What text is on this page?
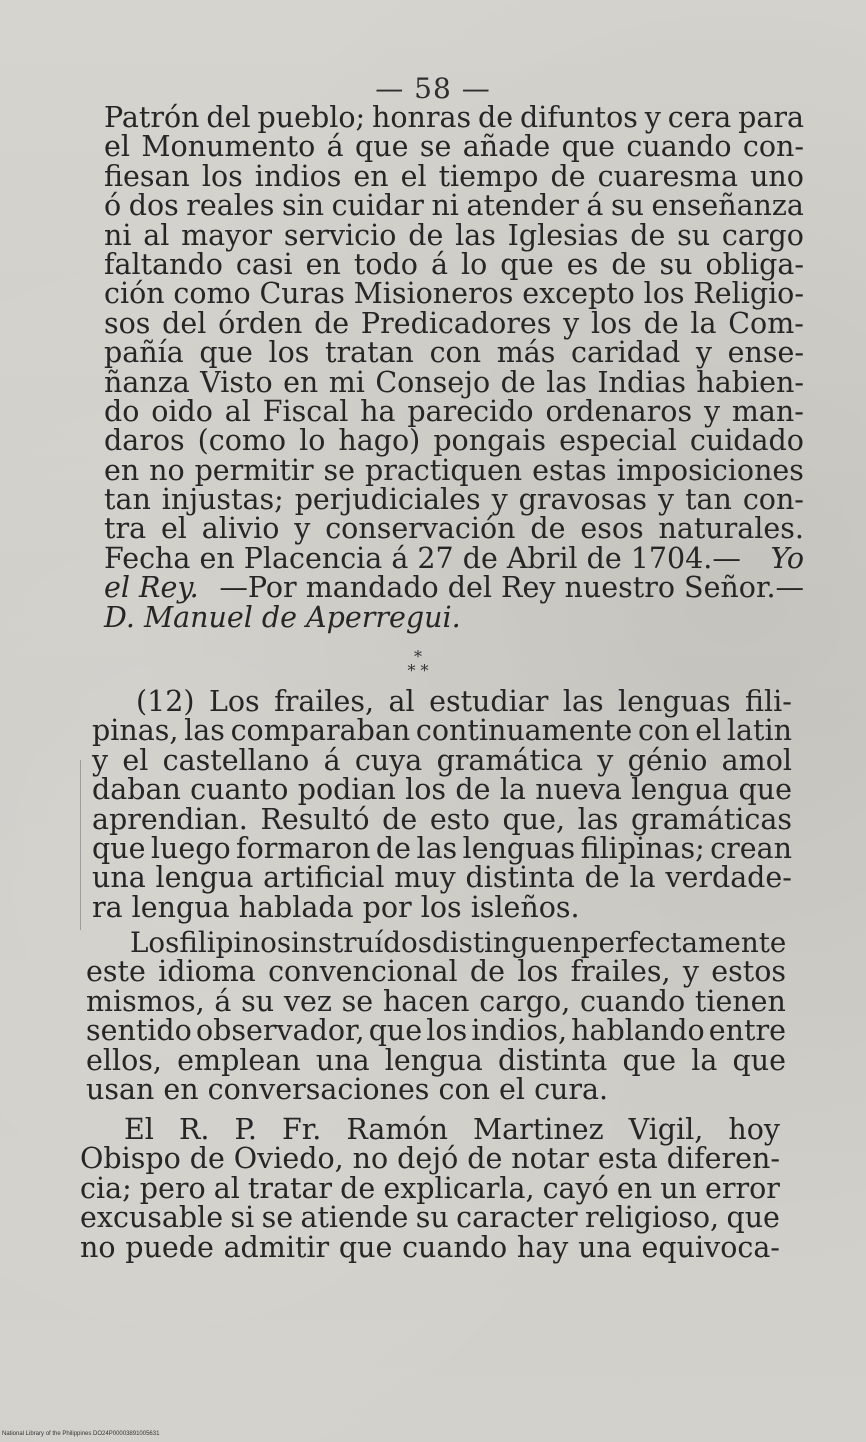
— 58 —
Patrón del pueblo; honras de difuntos y cera para
el Monumento á que se añade que cuando con-
fiesan los indios en el tiempo de cuaresma uno
ó dos reales sin cuidar ni atender á su enseñanza
ni al mayor servicio de las Iglesias de su cargo
faltando casi en todo á lo que es de su obliga-
ción como Curas Misioneros excepto los Religio-
sos del órden de Predicadores y los de la Com-
pañía que los tratan con más caridad y ense-
ñanza Visto en mi Consejo de las Indias habien-
do oido al Fiscal ha parecido ordenaros y man-
daros (como lo hago) pongais especial cuidado
en no permitir se practiquen estas imposiciones
tan injustas; perjudiciales y gravosas y tan con-
tra el alivio y conservación de esos naturales.
Fecha en Placencia á 27 de Abril de 1704.— Yo
el Rey. —Por mandado del Rey nuestro Señor.—
D. Manuel de Aperregui.
*
* *
(12) Los frailes, al estudiar las lenguas fili-
pinas, las comparaban continuamente con el latin
y el castellano á cuya gramática y génio amol
daban cuanto podian los de la nueva lengua que
aprendian. Resultó de esto que, las gramáticas
que luego formaron de las lenguas filipinas; crean
una lengua artificial muy distinta de la verdade-
ra lengua hablada por los isleños.
Los filipinos instruídos distinguen perfectamente
este idioma convencional de los frailes, y estos
mismos, á su vez se hacen cargo, cuando tienen
sentido observador, que los indios, hablando entre
ellos, emplean una lengua distinta que la que
usan en conversaciones con el cura.
El R. P. Fr. Ramón Martinez Vigil, hoy
Obispo de Oviedo, no dejó de notar esta diferen-
cia; pero al tratar de explicarla, cayó en un error
excusable si se atiende su caracter religioso, que
no puede admitir que cuando hay una equivoca-
National Library of the Philippines DO24P00003891005631
